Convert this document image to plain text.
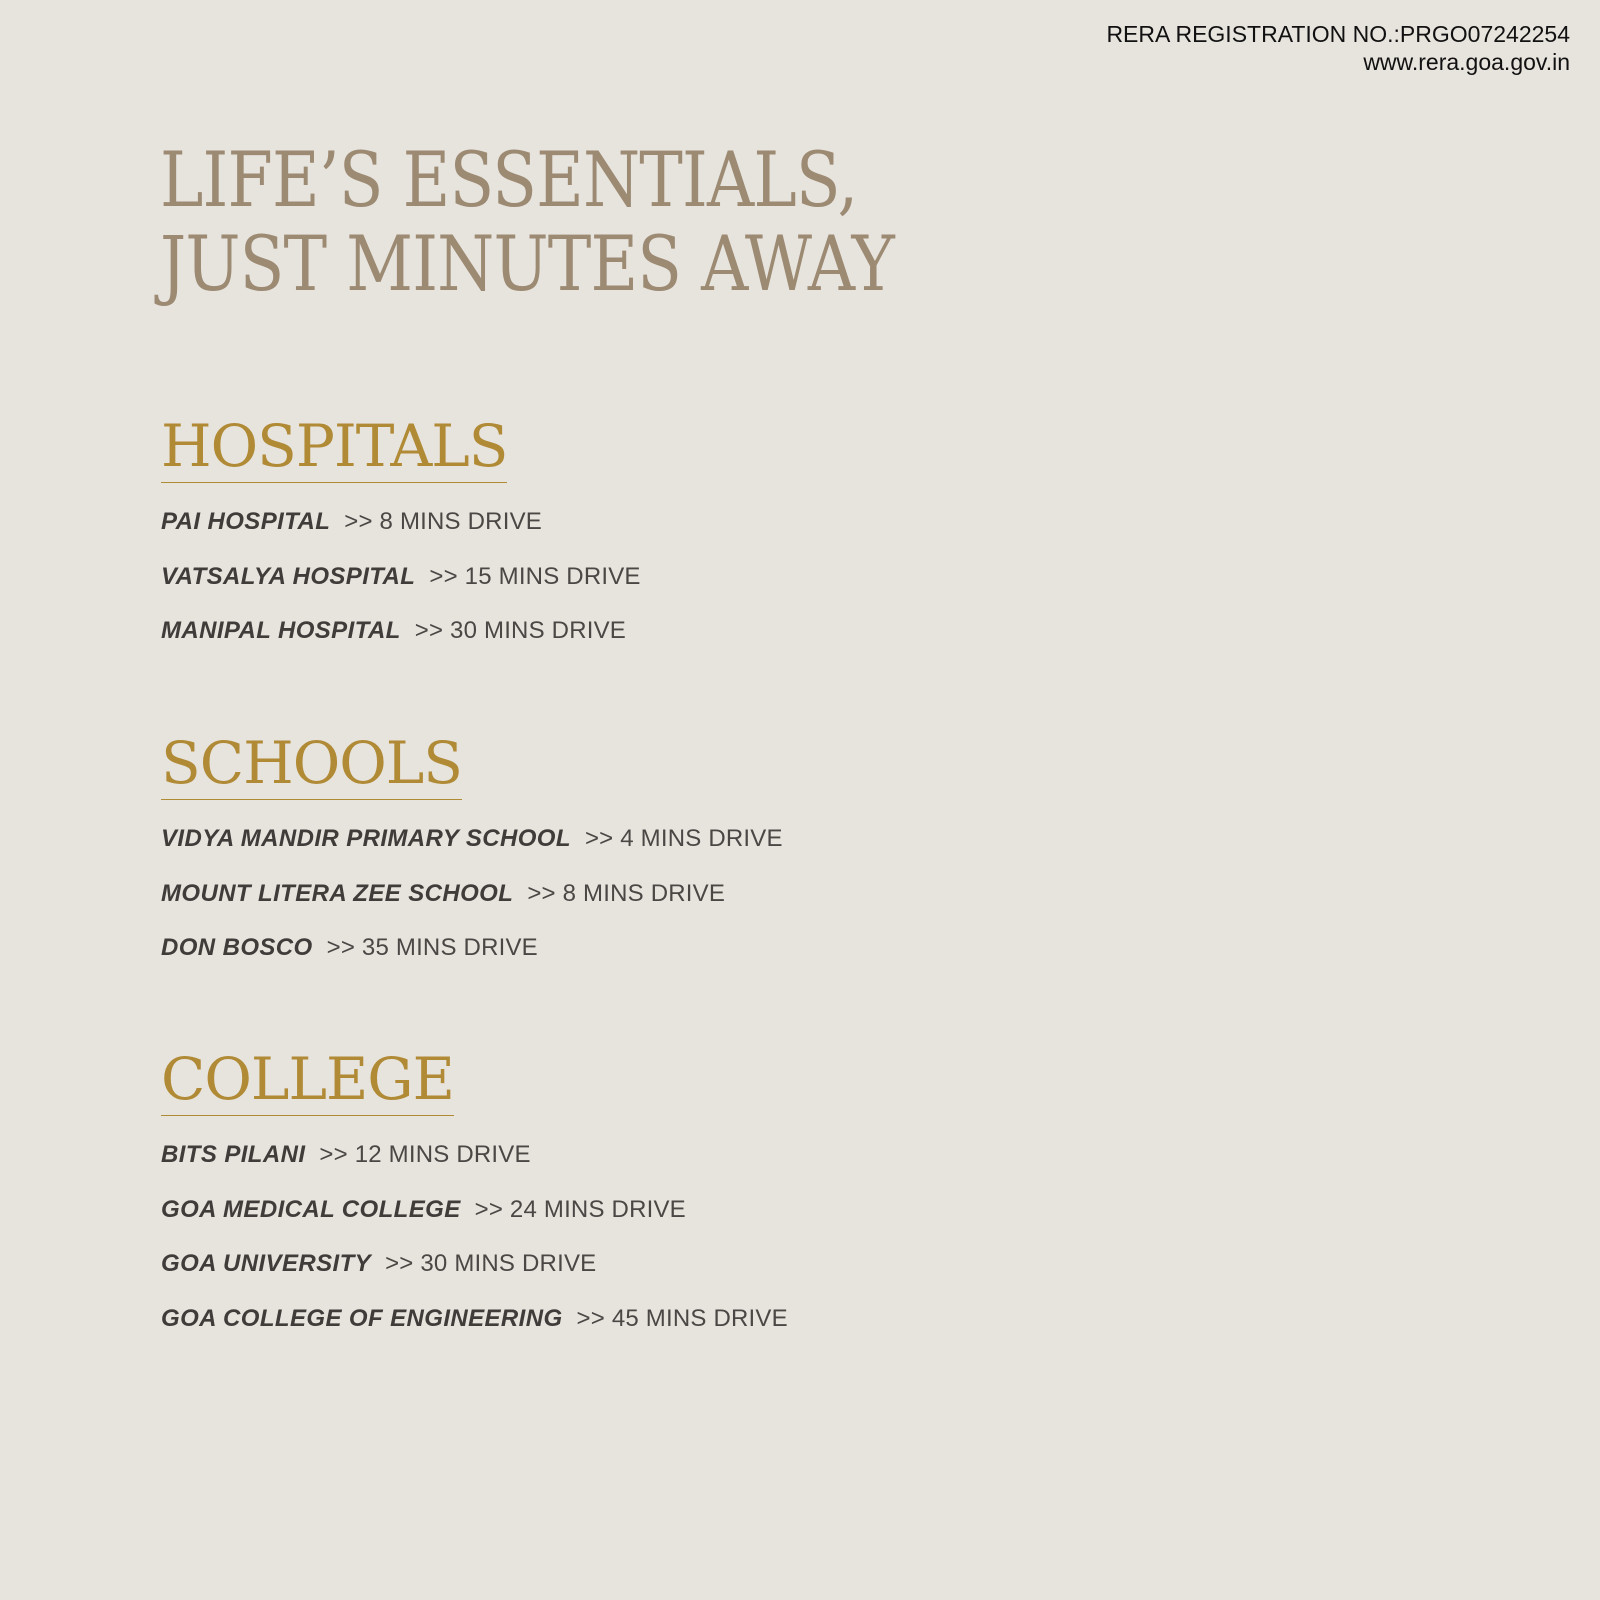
RERA REGISTRATION NO.:PRGO07242254
www.rera.goa.gov.in
LIFE’S ESSENTIALS,
JUST MINUTES AWAY
HOSPITALS
PAI HOSPITAL >> 8 MINS DRIVE
VATSALYA HOSPITAL >> 15 MINS DRIVE
MANIPAL HOSPITAL >> 30 MINS DRIVE
SCHOOLS
VIDYA MANDIR PRIMARY SCHOOL >> 4 MINS DRIVE
MOUNT LITERA ZEE SCHOOL >> 8 MINS DRIVE
DON BOSCO >> 35 MINS DRIVE
COLLEGE
BITS PILANI >> 12 MINS DRIVE
GOA MEDICAL COLLEGE >> 24 MINS DRIVE
GOA UNIVERSITY >> 30 MINS DRIVE
GOA COLLEGE OF ENGINEERING >> 45 MINS DRIVE
